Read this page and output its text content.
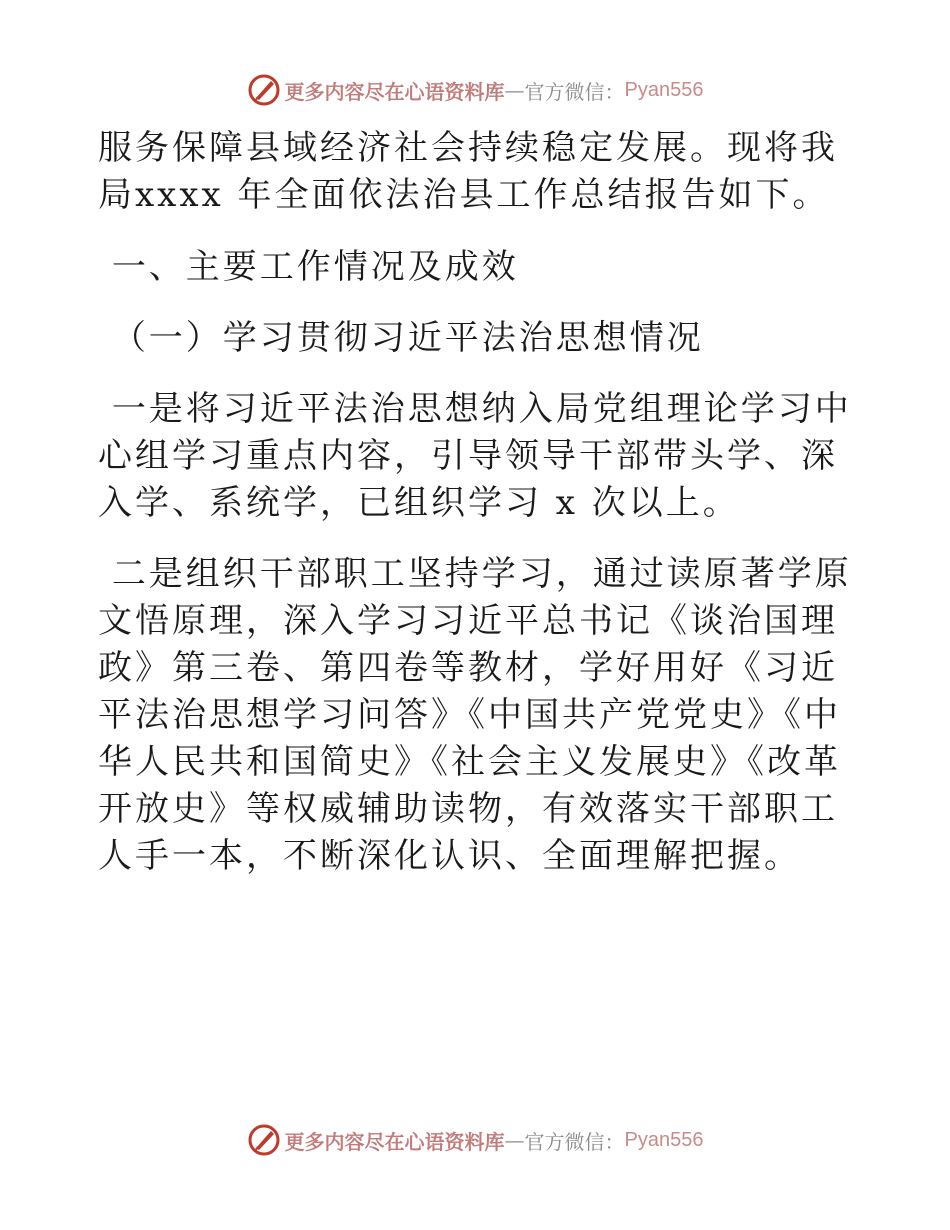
更多内容尽在心语资料库 — 官方微信： Pyan556

服务保障县域经济社会持续稳定发展。现将我局xxxx 年全面依法治县工作总结报告如下。

一、主要工作情况及成效

（一）学习贯彻习近平法治思想情况

一是将习近平法治思想纳入局党组理论学习中心组学习重点内容，引导领导干部带头学、深入学、系统学，已组织学习 x 次以上。

二是组织干部职工坚持学习，通过读原著学原文悟原理，深入学习习近平总书记《谈治国理政》第三卷、第四卷等教材，学好用好《习近平法治思想学习问答》《中国共产党党史》《中华人民共和国简史》《社会主义发展史》《改革开放史》等权威辅助读物，有效落实干部职工人手一本，不断深化认识、全面理解把握。

更多内容尽在心语资料库 — 官方微信： Pyan556
